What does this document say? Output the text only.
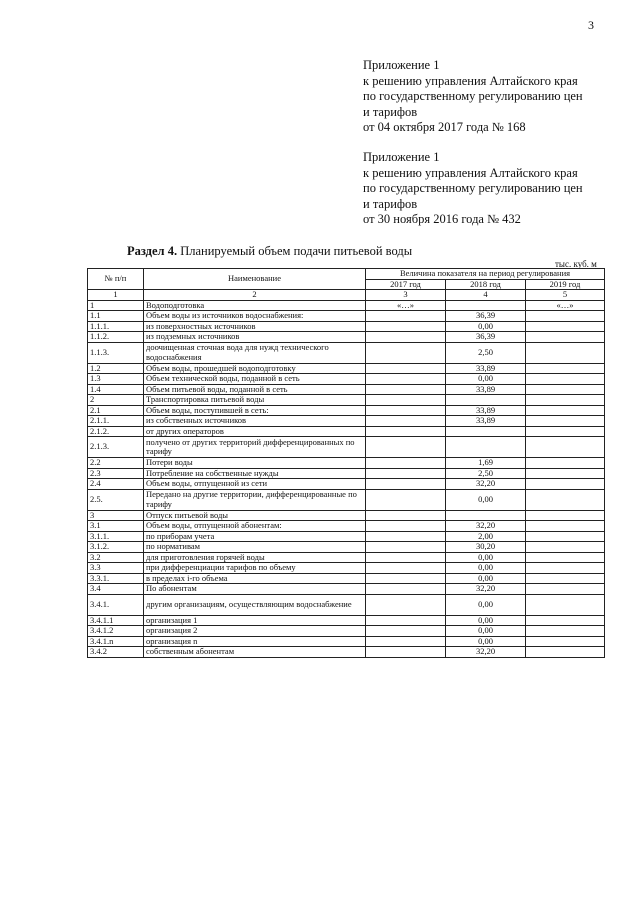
3
Приложение 1
к решению управления Алтайского края
по государственному регулированию цен
и тарифов
от 04 октября 2017 года № 168
Приложение 1
к решению управления Алтайского края
по государственному регулированию цен
и тарифов
от 30 ноября 2016 года № 432
Раздел 4. Планируемый объем подачи питьевой воды
тыс. куб. м
№ п/п	Наименование	Величина показателя на период регулирования		
		2017 год	2018 год	2019 год
1	2	3	4	5
1	Водоподготовка	«…»		«…»
1.1	Объем воды из источников водоснабжения:		36,39	
1.1.1.	из поверхностных источников		0,00	
1.1.2.	из подземных источников		36,39	
1.1.3.	доочищенная сточная вода для нужд технического водоснабжения		2,50	
1.2	Объем воды, прошедшей водоподготовку		33,89	
1.3	Объем технической воды, поданной в сеть		0,00	
1.4	Объем питьевой воды, поданной в сеть		33,89	
2	Транспортировка питьевой воды			
2.1	Объем воды, поступившей в сеть:		33,89	
2.1.1.	из собственных источников		33,89	
2.1.2.	от других операторов			
2.1.3.	получено от других территорий дифференцированных по тарифу			
2.2	Потери воды		1,69	
2.3	Потребление на собственные нужды		2,50	
2.4	Объем воды, отпущенной из сети		32,20	
2.5.	Передано на другие территории, дифференцированные по тарифу		0,00	
3	Отпуск питьевой воды			
3.1	Объем воды, отпущенной абонентам:		32,20	
3.1.1.	по приборам учета		2,00	
3.1.2.	по нормативам		30,20	
3.2	для приготовления горячей воды		0,00	
3.3	при дифференциации тарифов по объему		0,00	
3.3.1.	в пределах i-го объема		0,00	
3.4	По абонентам		32,20	
3.4.1.	другим организациям, осуществляющим водоснабжение		0,00	
3.4.1.1	организация 1		0,00	
3.4.1.2	организация 2		0,00	
3.4.1.n	организация n		0,00	
3.4.2	собственным абонентам		32,20	
